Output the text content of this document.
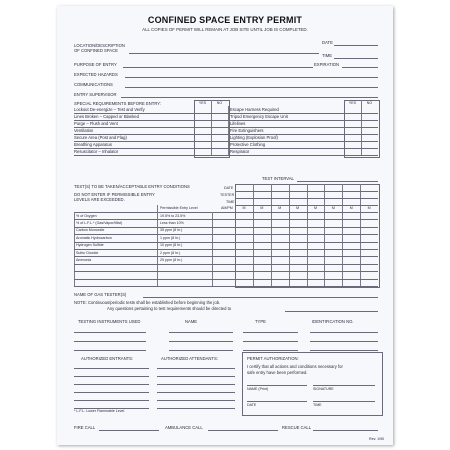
CONFINED SPACE ENTRY PERMIT
ALL COPIES OF PERMIT WILL REMAIN AT JOB SITE UNTIL JOB IS COMPLETED.
LOCATION/DESCRIPTION
OF CONFINED SPACE
DATE
TIME
PURPOSE OF ENTRY	EXPIRATION
EXPECTED HAZARDS
COMMUNICATIONS
ENTRY SUPERVISOR
SPECIAL REQUIREMENTS BEFORE ENTRY:	YES	NO	YES	NO
Lockout De-energize – Test and Verify	Escape Harness Required
Lines Broken – Capped or Blanked	Tripod Emergency Escape Unit
Purge – Flush and Vent	Lifelines
Ventilation	Fire Extinguishers
Secure Area (Post and Flag)	Lighting (Explosion Proof)
Breathing Apparatus	Protective Clothing
Resuscitator – Inhalator	Respirator
TEST INTERVAL
TEST(S) TO BE TAKEN/ACCEPTABLE ENTRY CONDITIONS
DO NOT ENTER IF PERMISSIBLE ENTRY
LEVELS ARE EXCEEDED.
Permissible Entry Level
DATE
TESTER
TIME
AM/PM	M	M	M	M	M	M	M	M
% of Oxygen	19.5% to 23.5%
% of L.F.L.* (Gas/Vapor/Mist)	Less than 10%
Carbon Monoxide	35 ppm (8 hr.)
Aromatic Hydrocarbon	1 ppm (8 hr.)
Hydrogen Sulfide	10 ppm (8 hr.)
Sulfur Dioxide	2 ppm (8 hr.)
Ammonia	25 ppm (8 hr.)
NAME OF GAS TESTER(S)
NOTE: Continuous/periodic tests shall be established before beginning the job.
Any questions pertaining to test requirements should be directed to
TESTING INSTRUMENTS USED	NAME	TYPE	IDENTIFICATION NO.
AUTHORIZED ENTRANTS:	AUTHORIZED ATTENDANTS:	PERMIT AUTHORIZATION:
I certify that all actions and conditions necessary for
safe entry have been performed.
NAME (Print)	SIGNATURE
DATE	TIME
* L.F.L. Lower Flammable Level
FIRE CALL	AMBULANCE CALL	RESCUE CALL
Rev. 1/90
